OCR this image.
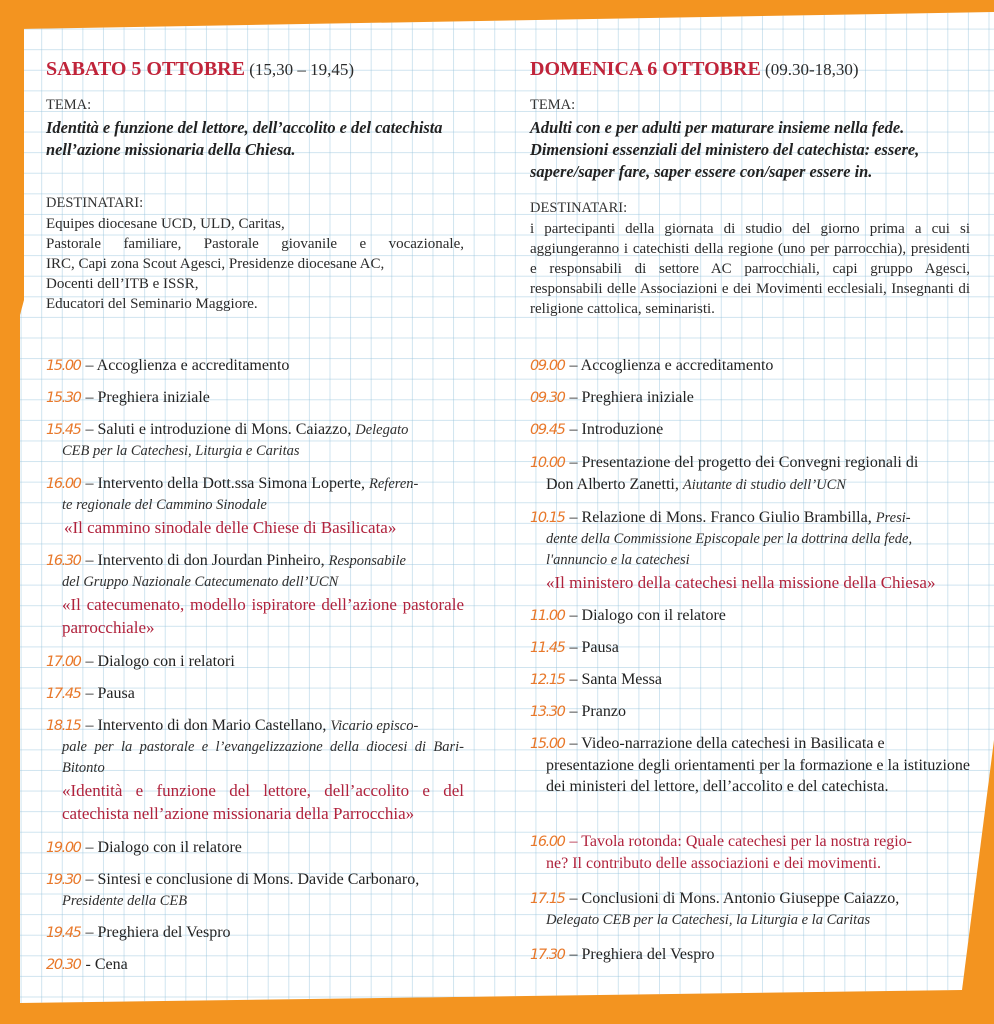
SABATO 5 OTTOBRE (15,30 – 19,45)
TEMA:
Identità e funzione del lettore, dell’accolito e del catechista nell’azione missionaria della Chiesa.
DESTINATARI:
Equipes diocesane UCD, ULD, Caritas,
Pastorale familiare, Pastorale giovanile e vocazionale,
IRC, Capi zona Scout Agesci, Presidenze diocesane AC,
Docenti dell’ITB e ISSR,
Educatori del Seminario Maggiore.
15.00 – Accoglienza e accreditamento
15.30 – Preghiera iniziale
15.45 – Saluti e introduzione di Mons. Caiazzo, Delegato
CEB per la Catechesi, Liturgia e Caritas
16.00 – Intervento della Dott.ssa Simona Loperte, Referen-
te regionale del Cammino Sinodale
«Il cammino sinodale delle Chiese di Basilicata»
16.30 – Intervento di don Jourdan Pinheiro, Responsabile
del Gruppo Nazionale Catecumenato dell’UCN
«Il catecumenato, modello ispiratore dell’azione pastorale parrocchiale»
17.00 – Dialogo con i relatori
17.45 – Pausa
18.15 – Intervento di don Mario Castellano, Vicario episco-
pale per la pastorale e l’evangelizzazione della diocesi di Bari-Bitonto
«Identità e funzione del lettore, dell’accolito e del catechista nell’azione missionaria della Parrocchia»
19.00 – Dialogo con il relatore
19.30 – Sintesi e conclusione di Mons. Davide Carbonaro,
Presidente della CEB
19.45 – Preghiera del Vespro
20.30 - Cena
DOMENICA 6 OTTOBRE (09.30-18,30)
TEMA:
Adulti con e per adulti per maturare insieme nella fede. Dimensioni essenziali del ministero del catechista: essere, sapere/saper fare, saper essere con/saper essere in.
DESTINATARI:
i partecipanti della giornata di studio del giorno prima a cui si aggiungeranno i catechisti della regione (uno per parrocchia), presidenti e responsabili di settore AC parrocchiali, capi gruppo Agesci, responsabili delle Associazioni e dei Movimenti ecclesiali, Insegnanti di religione cattolica, seminaristi.
09.00 – Accoglienza e accreditamento
09.30 – Preghiera iniziale
09.45 – Introduzione
10.00 – Presentazione del progetto dei Convegni regionali di
Don Alberto Zanetti, Aiutante di studio dell’UCN
10.15 – Relazione di Mons. Franco Giulio Brambilla, Presi-
dente della Commissione Episcopale per la dottrina della fede, l'annuncio e la catechesi
«Il ministero della catechesi nella missione della Chiesa»
11.00 – Dialogo con il relatore
11.45 – Pausa
12.15 – Santa Messa
13.30 – Pranzo
15.00 – Video-narrazione della catechesi in Basilicata e
presentazione degli orientamenti per la formazione e la istituzione dei ministeri del lettore, dell’accolito e del catechista.
16.00 – Tavola rotonda: Quale catechesi per la nostra regio-
ne? Il contributo delle associazioni e dei movimenti.
17.15 – Conclusioni di Mons. Antonio Giuseppe Caiazzo,
Delegato CEB per la Catechesi, la Liturgia e la Caritas
17.30 – Preghiera del Vespro
